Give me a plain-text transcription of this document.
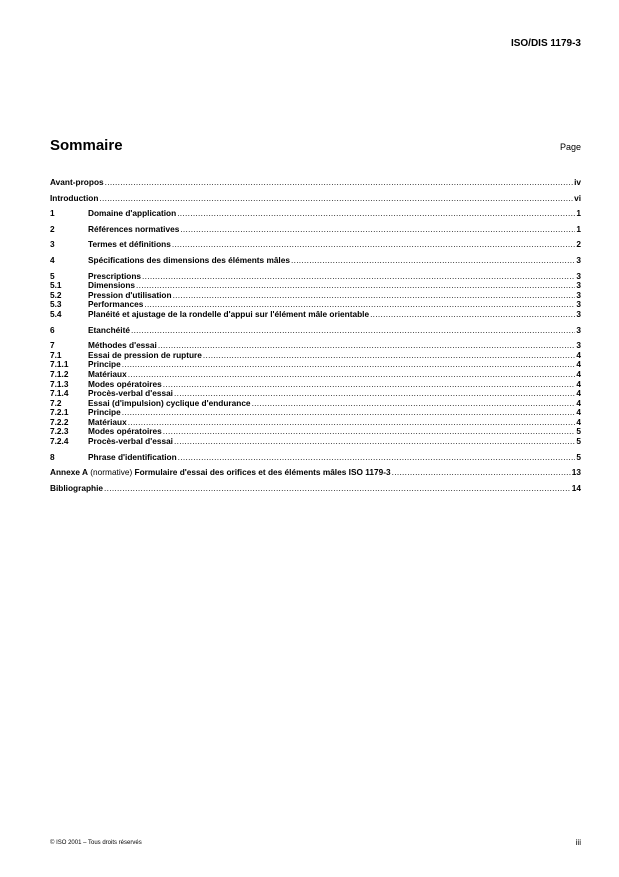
ISO/DIS 1179-3
Sommaire	Page
Avant-propos .....	iv
Introduction .....	vi
1	Domaine d'application .....	1
2	Références normatives .....	1
3	Termes et définitions .....	2
4	Spécifications des dimensions des éléments mâles .....	3
5	Prescriptions .....	3
5.1	Dimensions .....	3
5.2	Pression d'utilisation .....	3
5.3	Performances .....	3
5.4	Planéité et ajustage de la rondelle d'appui sur l'élément mâle orientable .....	3
6	Etanchéité .....	3
7	Méthodes d'essai .....	3
7.1	Essai de pression de rupture .....	4
7.1.1	Principe .....	4
7.1.2	Matériaux .....	4
7.1.3	Modes opératoires .....	4
7.1.4	Procès-verbal d'essai .....	4
7.2	Essai (d'impulsion) cyclique d'endurance .....	4
7.2.1	Principe .....	4
7.2.2	Matériaux .....	4
7.2.3	Modes opératoires .....	5
7.2.4	Procès-verbal d'essai .....	5
8	Phrase d'identification .....	5
Annexe A (normative) Formulaire d'essai des orifices et des éléments mâles ISO 1179-3 .....	13
Bibliographie .....	14
© ISO 2001 – Tous droits réservés	iii
